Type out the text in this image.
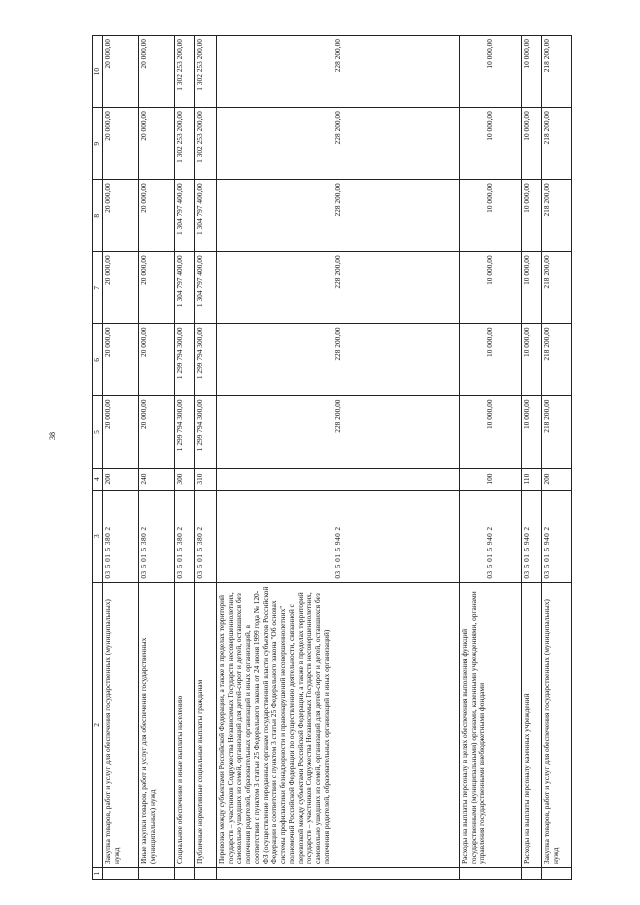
38
1	2	3	4	5	6	7	8	9	10
	Закупка товаров, работ и услуг для обеспечения государственных (муниципальных) нужд	03 5 01 5 380 2	200	20 000,00	20 000,00	20 000,00	20 000,00	20 000,00	20 000,00
	Иные закупки товаров, работ и услуг для обеспечения государственных (муниципальных) нужд	03 5 01 5 380 2	240	20 000,00	20 000,00	20 000,00	20 000,00	20 000,00	20 000,00
	Социальное обеспечение и иные выплаты населению	03 5 01 5 380 2	300	1 299 794 300,00	1 299 794 300,00	1 304 797 400,00	1 304 797 400,00	1 302 253 200,00	1 302 253 200,00
	Публичные нормативные социальные выплаты гражданам	03 5 01 5 380 2	310	1 299 794 300,00	1 299 794 300,00	1 304 797 400,00	1 304 797 400,00	1 302 253 200,00	1 302 253 200,00
	Перевозка между субъектами Российской Федерации, а также в пределах территорий государств – участников Содружества Независимых Государств несовершеннолетних, самовольно ушедших из семей, организаций для детей-сирот и детей, оставшихся без попечения родителей, образовательных организаций и иных организаций, в соответствии с пунктом 3 статьи 25 Федерального закона от 24 июня 1999 года № 120-ФЗ (осуществление переданных органам государственной власти субъектов Российской Федерации в соответствии с пунктом 3 статьи 25 Федерального закона "Об основах системы профилактики безнадзорности и правонарушений несовершеннолетних" полномочий Российской Федерации по осуществлению деятельности, связанной с перевозкой между субъектами Российской Федерации, а также в пределах территорий государств – участников Содружества Независимых Государств несовершеннолетних, самовольно ушедших из семей, организаций для детей-сирот и детей, оставшихся без попечения родителей, образовательных организаций и иных организаций)	03 5 01 5 940 2		228 200,00	228 200,00	228 200,00	228 200,00	228 200,00	228 200,00
	Расходы на выплаты персоналу в целях обеспечения выполнения функций государственными (муниципальными) органами, казенными учреждениями, органами управления государственными внебюджетными фондами	03 5 01 5 940 2	100	10 000,00	10 000,00	10 000,00	10 000,00	10 000,00	10 000,00
	Расходы на выплаты персоналу казенных учреждений	03 5 01 5 940 2	110	10 000,00	10 000,00	10 000,00	10 000,00	10 000,00	10 000,00
	Закупка товаров, работ и услуг для обеспечения государственных (муниципальных) нужд	03 5 01 5 940 2	200	218 200,00	218 200,00	218 200,00	218 200,00	218 200,00	218 200,00
